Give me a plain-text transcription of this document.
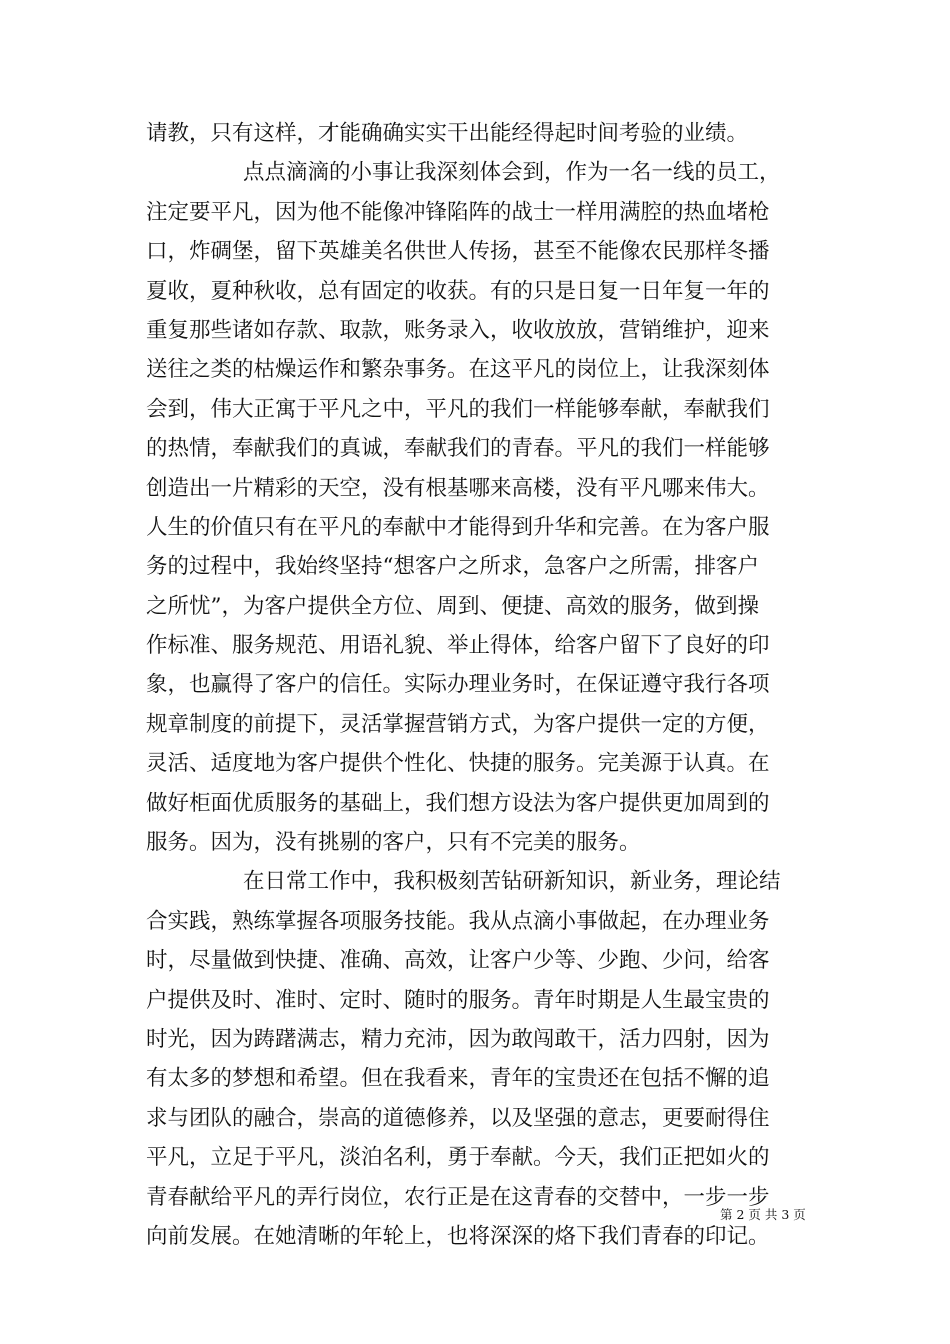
请教，只有这样，才能确确实实干出能经得起时间考验的业绩。
点点滴滴的小事让我深刻体会到，作为一名一线的员工，
注定要平凡，因为他不能像冲锋陷阵的战士一样用满腔的热血堵枪
口，炸碉堡，留下英雄美名供世人传扬，甚至不能像农民那样冬播
夏收，夏种秋收，总有固定的收获。有的只是日复一日年复一年的
重复那些诸如存款、取款，账务录入，收收放放，营销维护，迎来
送往之类的枯燥运作和繁杂事务。在这平凡的岗位上，让我深刻体
会到，伟大正寓于平凡之中，平凡的我们一样能够奉献，奉献我们
的热情，奉献我们的真诚，奉献我们的青春。平凡的我们一样能够
创造出一片精彩的天空，没有根基哪来高楼，没有平凡哪来伟大。
人生的价值只有在平凡的奉献中才能得到升华和完善。在为客户服
务的过程中，我始终坚持“想客户之所求，急客户之所需，排客户
之所忧”，为客户提供全方位、周到、便捷、高效的服务，做到操
作标准、服务规范、用语礼貌、举止得体，给客户留下了良好的印
象，也赢得了客户的信任。实际办理业务时，在保证遵守我行各项
规章制度的前提下，灵活掌握营销方式，为客户提供一定的方便，
灵活、适度地为客户提供个性化、快捷的服务。完美源于认真。在
做好柜面优质服务的基础上，我们想方设法为客户提供更加周到的
服务。因为，没有挑剔的客户，只有不完美的服务。
在日常工作中，我积极刻苦钻研新知识，新业务，理论结
合实践，熟练掌握各项服务技能。我从点滴小事做起，在办理业务
时，尽量做到快捷、准确、高效，让客户少等、少跑、少问，给客
户提供及时、准时、定时、随时的服务。青年时期是人生最宝贵的
时光，因为踌躇满志，精力充沛，因为敢闯敢干，活力四射，因为
有太多的梦想和希望。但在我看来，青年的宝贵还在包括不懈的追
求与团队的融合，崇高的道德修养，以及坚强的意志，更要耐得住
平凡，立足于平凡，淡泊名利，勇于奉献。今天，我们正把如火的
青春献给平凡的弄行岗位，农行正是在这青春的交替中，一步一步
向前发展。在她清晰的年轮上，也将深深的烙下我们青春的印记。
第 2 页 共 3 页
